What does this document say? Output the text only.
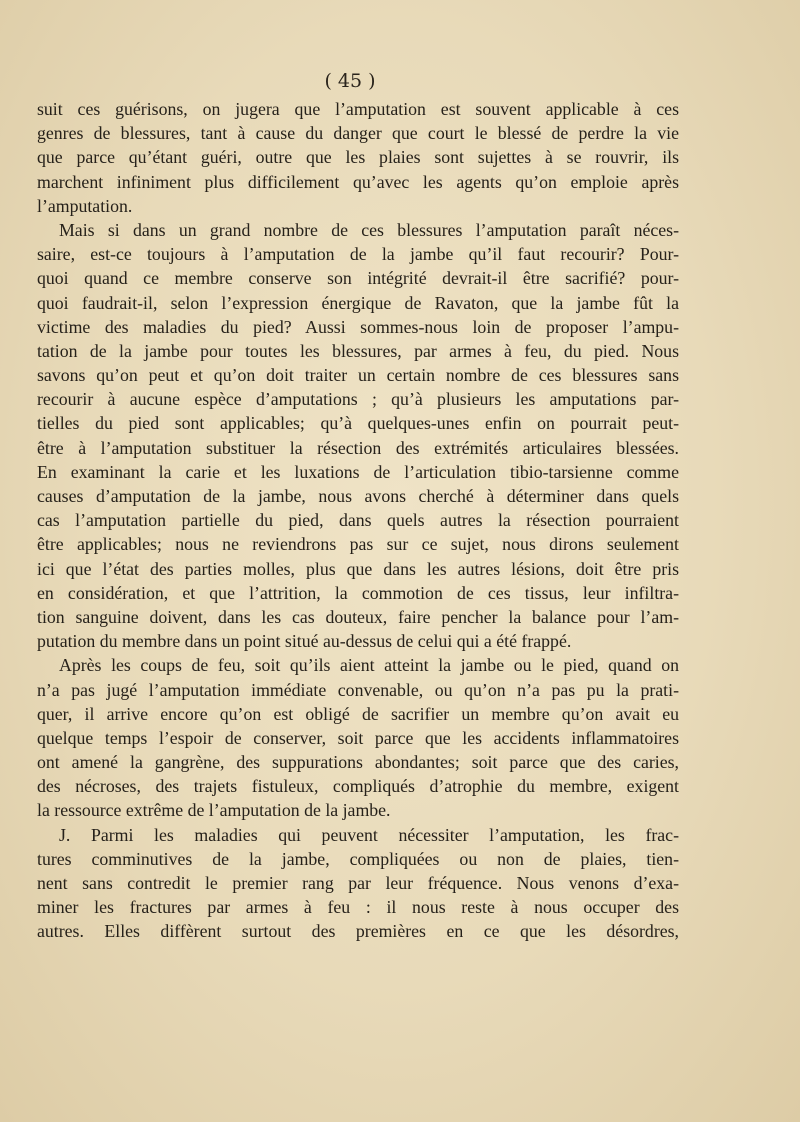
( 45 )
suit ces guérisons, on jugera que l’amputation est souvent applicable à ces
genres de blessures, tant à cause du danger que court le blessé de perdre la vie
que parce qu’étant guéri, outre que les plaies sont sujettes à se rouvrir, ils
marchent infiniment plus difficilement qu’avec les agents qu’on emploie après
l’amputation.
Mais si dans un grand nombre de ces blessures l’amputation paraît néces-
saire, est-ce toujours à l’amputation de la jambe qu’il faut recourir? Pour-
quoi quand ce membre conserve son intégrité devrait-il être sacrifié? pour-
quoi faudrait-il, selon l’expression énergique de Ravaton, que la jambe fût la
victime des maladies du pied? Aussi sommes-nous loin de proposer l’ampu-
tation de la jambe pour toutes les blessures, par armes à feu, du pied. Nous
savons qu’on peut et qu’on doit traiter un certain nombre de ces blessures sans
recourir à aucune espèce d’amputations ; qu’à plusieurs les amputations par-
tielles du pied sont applicables; qu’à quelques-unes enfin on pourrait peut-
être à l’amputation substituer la résection des extrémités articulaires blessées.
En examinant la carie et les luxations de l’articulation tibio-tarsienne comme
causes d’amputation de la jambe, nous avons cherché à déterminer dans quels
cas l’amputation partielle du pied, dans quels autres la résection pourraient
être applicables; nous ne reviendrons pas sur ce sujet, nous dirons seulement
ici que l’état des parties molles, plus que dans les autres lésions, doit être pris
en considération, et que l’attrition, la commotion de ces tissus, leur infiltra-
tion sanguine doivent, dans les cas douteux, faire pencher la balance pour l’am-
putation du membre dans un point situé au-dessus de celui qui a été frappé.
Après les coups de feu, soit qu’ils aient atteint la jambe ou le pied, quand on
n’a pas jugé l’amputation immédiate convenable, ou qu’on n’a pas pu la prati-
quer, il arrive encore qu’on est obligé de sacrifier un membre qu’on avait eu
quelque temps l’espoir de conserver, soit parce que les accidents inflammatoires
ont amené la gangrène, des suppurations abondantes; soit parce que des caries,
des nécroses, des trajets fistuleux, compliqués d’atrophie du membre, exigent
la ressource extrême de l’amputation de la jambe.
J. Parmi les maladies qui peuvent nécessiter l’amputation, les frac-
tures comminutives de la jambe, compliquées ou non de plaies, tien-
nent sans contredit le premier rang par leur fréquence. Nous venons d’exa-
miner les fractures par armes à feu : il nous reste à nous occuper des
autres. Elles diffèrent surtout des premières en ce que les désordres,
